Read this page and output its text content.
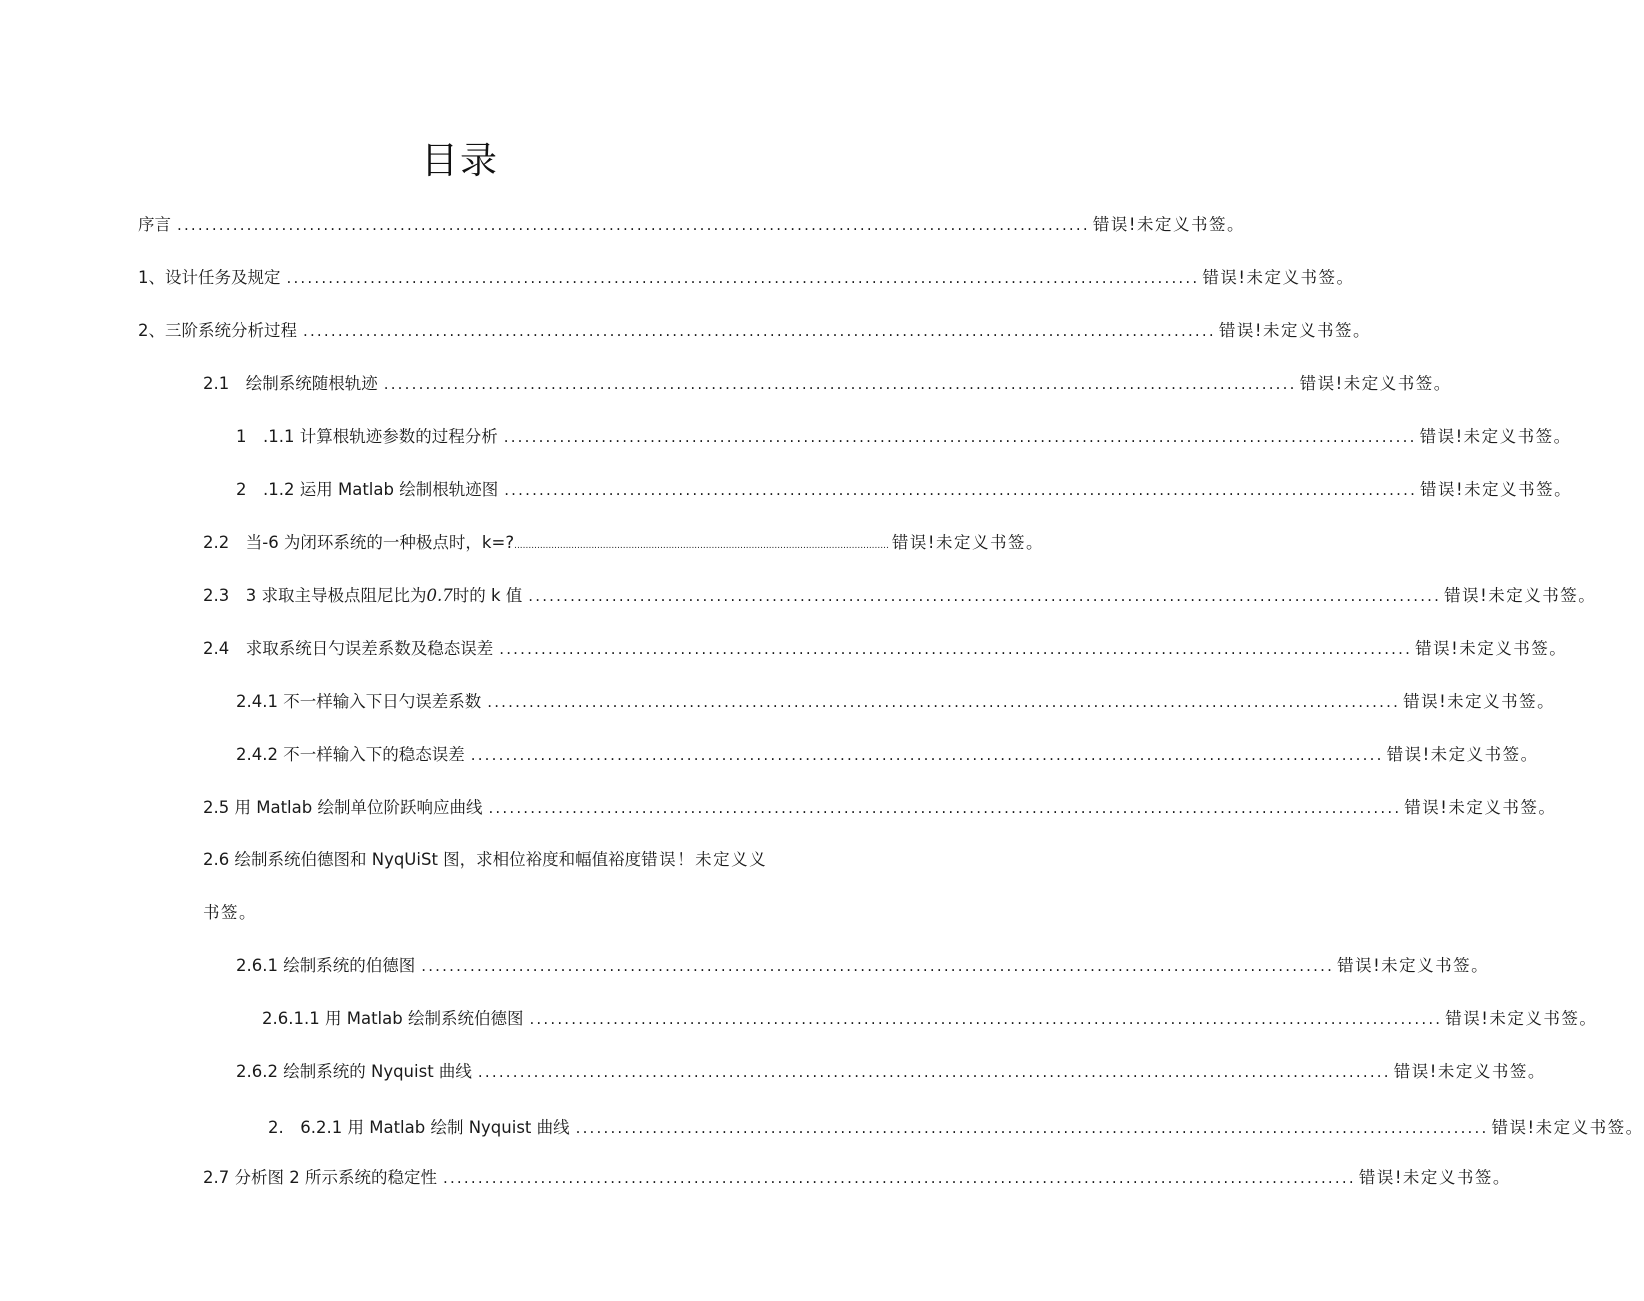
目录
序言 ................................................................................................................................... 错误!未定义书签。
1、设计任务及规定 ................................................................................................................................... 错误!未定义书签。
2、三阶系统分析过程 ................................................................................................................................... 错误!未定义书签。
2.1　绘制系统随根轨迹 ................................................................................................................................... 错误!未定义书签。
1　.1.1 计算根轨迹参数的过程分析 ................................................................................................................................... 错误!未定义书签。
2　.1.2 运用 Matlab 绘制根轨迹图 ................................................................................................................................... 错误!未定义书签。
2.2　当-6 为闭环系统的一种极点时，k=? ................................................................................................................................... 错误!未定义书签。
2.3　3 求取主导极点阻尼比为0.7时的 k 值 ................................................................................................................................... 错误!未定义书签。
2.4　求取系统日勺误差系数及稳态误差 ................................................................................................................................... 错误!未定义书签。
2.4.1 不一样输入下日勺误差系数 ................................................................................................................................... 错误!未定义书签。
2.4.2 不一样输入下的稳态误差 ................................................................................................................................... 错误!未定义书签。
2.5 用 Matlab 绘制单位阶跃响应曲线 ................................................................................................................................... 错误!未定义书签。
2.6 绘制系统伯德图和 NyqUiSt 图，求相位裕度和幅值裕度错误！未定义义
书签。
2.6.1 绘制系统的伯德图 ................................................................................................................................... 错误!未定义书签。
2.6.1.1 用 Matlab 绘制系统伯德图 ................................................................................................................................... 错误!未定义书签。
2.6.2 绘制系统的 Nyquist 曲线 ................................................................................................................................... 错误!未定义书签。
2.　6.2.1 用 Matlab 绘制 Nyquist 曲线 ................................................................................................................................... 错误!未定义书签。
2.7 分析图 2 所示系统的稳定性 ................................................................................................................................... 错误!未定义书签。
